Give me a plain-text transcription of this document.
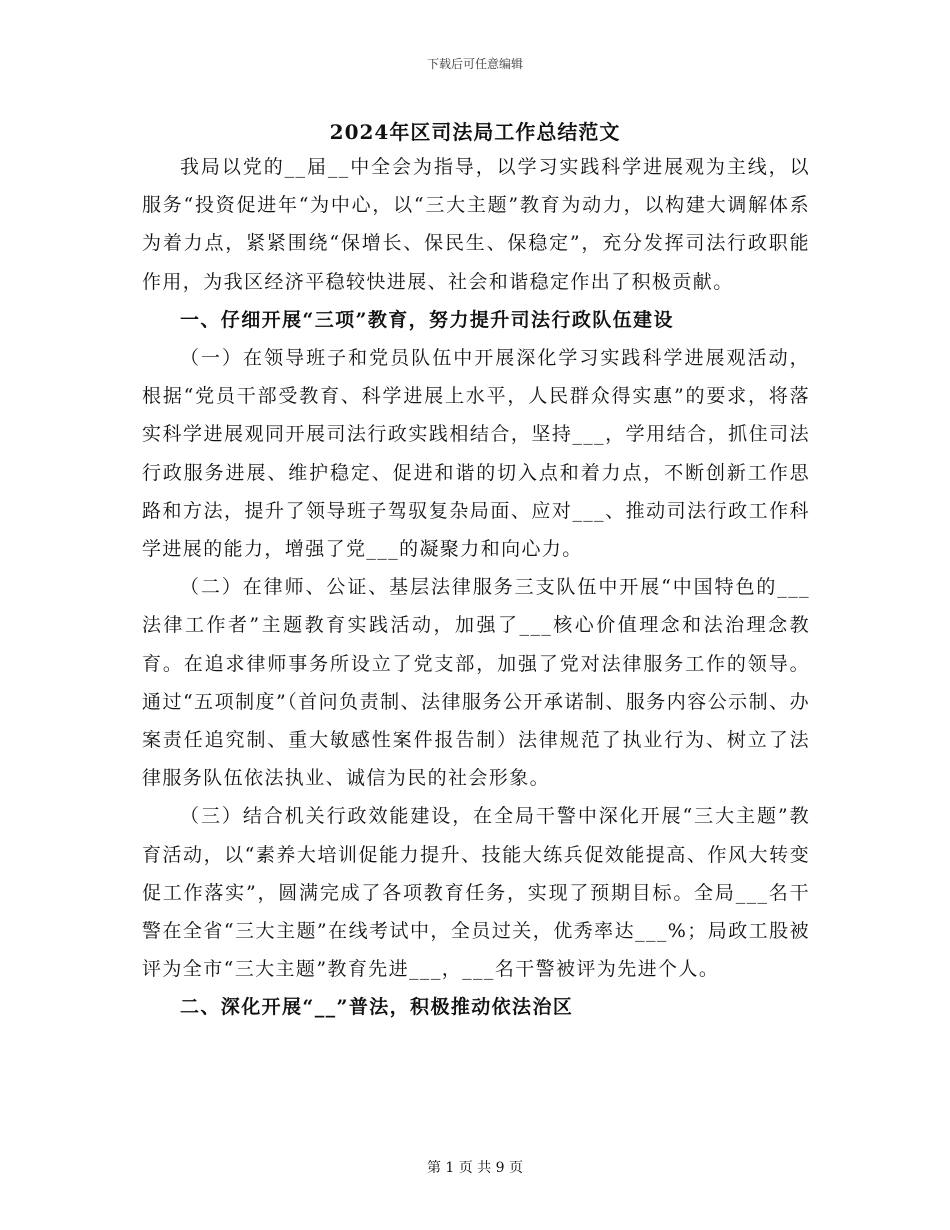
下载后可任意编辑
2024年区司法局工作总结范文

我局以党的__届__中全会为指导，以学习实践科学进展观为主线，以服务“投资促进年“为中心，以“三大主题”教育为动力，以构建大调解体系为着力点，紧紧围绕“保增长、保民生、保稳定”，充分发挥司法行政职能作用，为我区经济平稳较快进展、社会和谐稳定作出了积极贡献。

一、仔细开展“三项”教育，努力提升司法行政队伍建设

（一）在领导班子和党员队伍中开展深化学习实践科学进展观活动，根据“党员干部受教育、科学进展上水平，人民群众得实惠”的要求，将落实科学进展观同开展司法行政实践相结合，坚持___，学用结合，抓住司法行政服务进展、维护稳定、促进和谐的切入点和着力点，不断创新工作思路和方法，提升了领导班子驾驭复杂局面、应对___、推动司法行政工作科学进展的能力，增强了党___的凝聚力和向心力。

（二）在律师、公证、基层法律服务三支队伍中开展“中国特色的___法律工作者”主题教育实践活动，加强了___核心价值理念和法治理念教育。在追求律师事务所设立了党支部，加强了党对法律服务工作的领导。通过“五项制度”（首问负责制、法律服务公开承诺制、服务内容公示制、办案责任追究制、重大敏感性案件报告制）法律规范了执业行为、树立了法律服务队伍依法执业、诚信为民的社会形象。

（三）结合机关行政效能建设，在全局干警中深化开展“三大主题”教育活动，以“素养大培训促能力提升、技能大练兵促效能提高、作风大转变促工作落实”，圆满完成了各项教育任务，实现了预期目标。全局___名干警在全省“三大主题”在线考试中，全员过关，优秀率达___%；局政工股被评为全市“三大主题”教育先进___，___名干警被评为先进个人。

二、深化开展“__”普法，积极推动依法治区

第 1 页 共 9 页
